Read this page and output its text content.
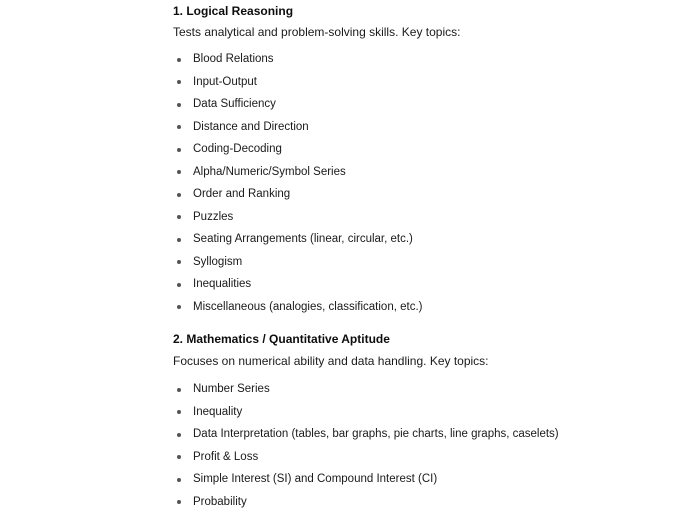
1. Logical Reasoning
Tests analytical and problem-solving skills. Key topics:
Blood Relations
Input-Output
Data Sufficiency
Distance and Direction
Coding-Decoding
Alpha/Numeric/Symbol Series
Order and Ranking
Puzzles
Seating Arrangements (linear, circular, etc.)
Syllogism
Inequalities
Miscellaneous (analogies, classification, etc.)
2. Mathematics / Quantitative Aptitude
Focuses on numerical ability and data handling. Key topics:
Number Series
Inequality
Data Interpretation (tables, bar graphs, pie charts, line graphs, caselets)
Profit & Loss
Simple Interest (SI) and Compound Interest (CI)
Probability
